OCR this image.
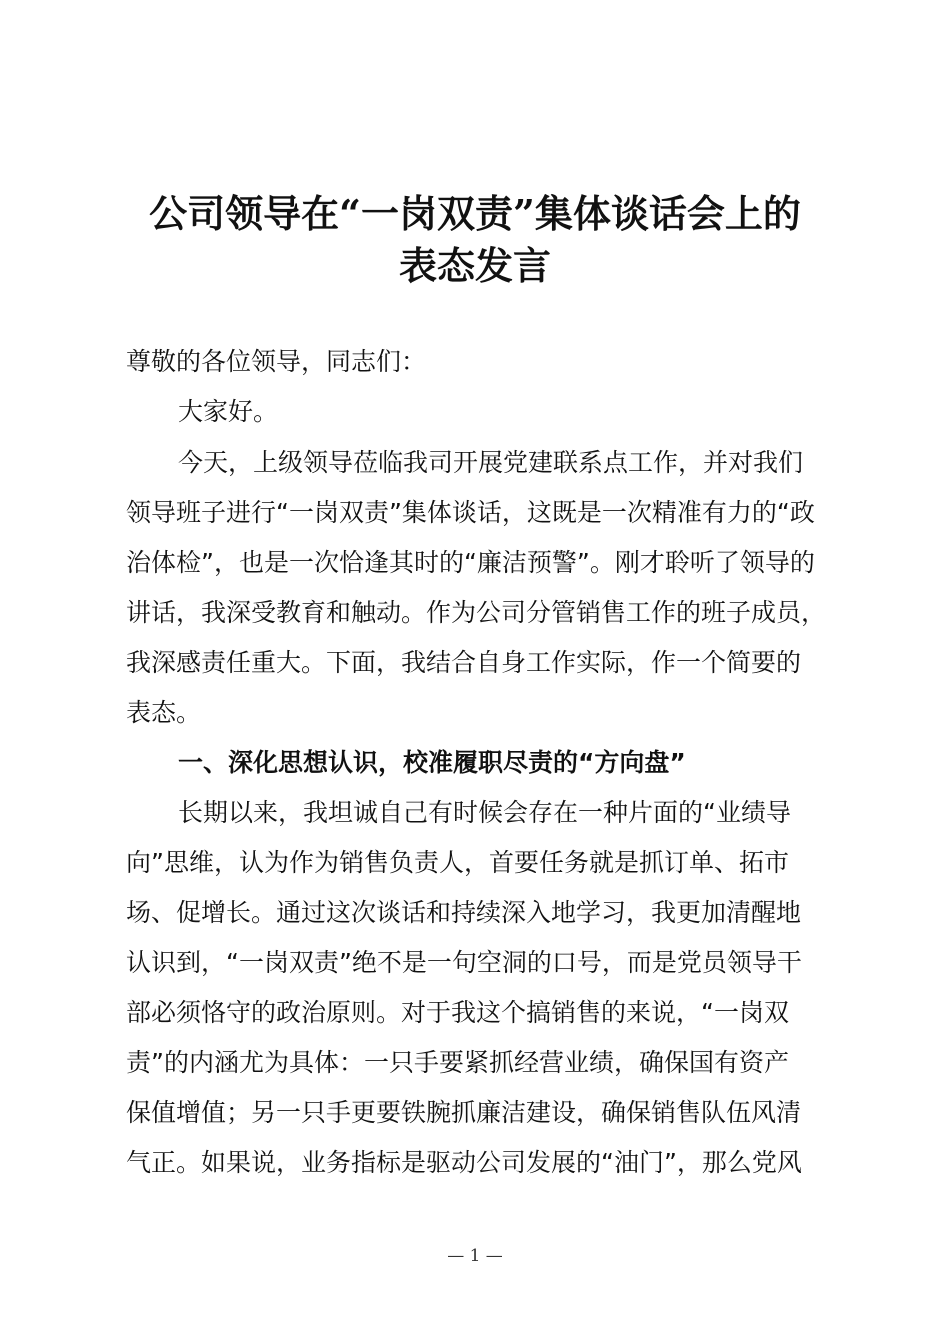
公司领导在“一岗双责”集体谈话会上的
表态发言
尊敬的各位领导，同志们：
大家好。
今天，上级领导莅临我司开展党建联系点工作，并对我们
领导班子进行“一岗双责”集体谈话，这既是一次精准有力的“政
治体检”，也是一次恰逢其时的“廉洁预警”。刚才聆听了领导的
讲话，我深受教育和触动。作为公司分管销售工作的班子成员，
我深感责任重大。下面，我结合自身工作实际，作一个简要的
表态。
一、深化思想认识，校准履职尽责的“方向盘”
长期以来，我坦诚自己有时候会存在一种片面的“业绩导
向”思维，认为作为销售负责人，首要任务就是抓订单、拓市
场、促增长。通过这次谈话和持续深入地学习，我更加清醒地
认识到，“一岗双责”绝不是一句空洞的口号，而是党员领导干
部必须恪守的政治原则。对于我这个搞销售的来说，“一岗双
责”的内涵尤为具体：一只手要紧抓经营业绩，确保国有资产
保值增值；另一只手更要铁腕抓廉洁建设，确保销售队伍风清
气正。如果说，业务指标是驱动公司发展的“油门”，那么党风
— 1 —
